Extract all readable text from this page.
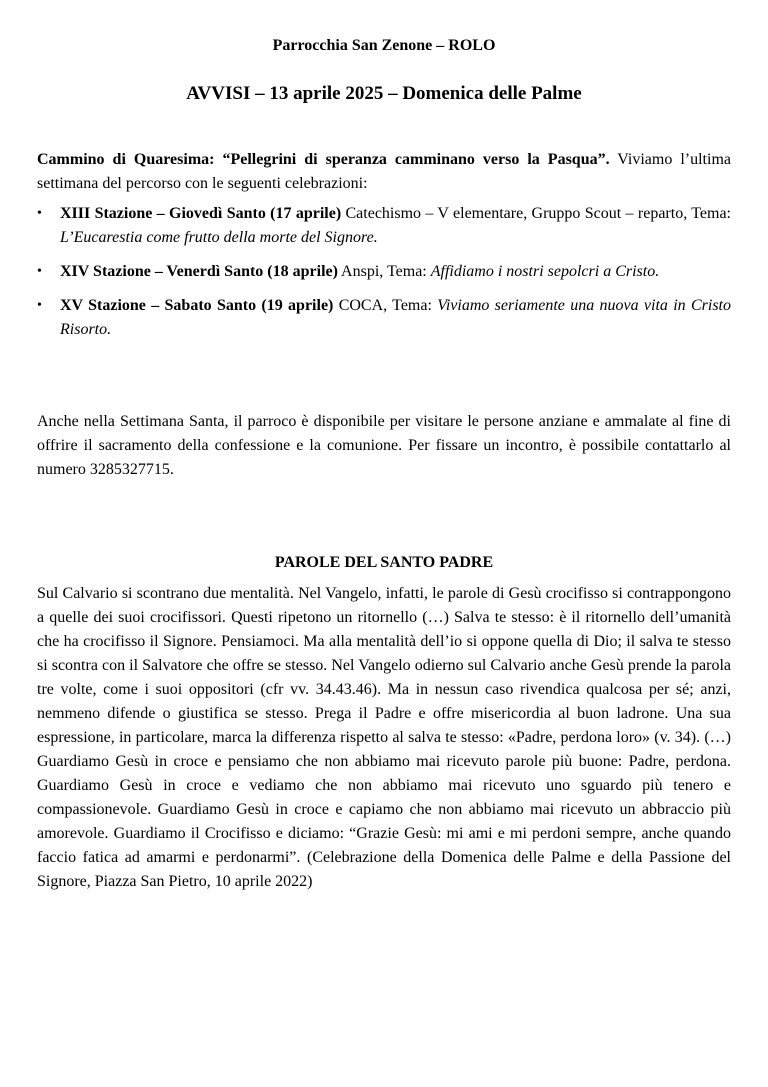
Parrocchia San Zenone – ROLO
AVVISI – 13 aprile 2025 – Domenica delle Palme

Cammino di Quaresima: “Pellegrini di speranza camminano verso la Pasqua”. Viviamo l’ultima settimana del percorso con le seguenti celebrazioni:

• XIII Stazione – Giovedì Santo (17 aprile) Catechismo – V elementare, Gruppo Scout – reparto, Tema: L’Eucarestia come frutto della morte del Signore.
• XIV Stazione – Venerdì Santo (18 aprile) Anspi, Tema: Affidiamo i nostri sepolcri a Cristo.
• XV Stazione – Sabato Santo (19 aprile) COCA, Tema: Viviamo seriamente una nuova vita in Cristo Risorto.

Anche nella Settimana Santa, il parroco è disponibile per visitare le persone anziane e ammalate al fine di offrire il sacramento della confessione e la comunione. Per fissare un incontro, è possibile contattarlo al numero 3285327715.

PAROLE DEL SANTO PADRE

Sul Calvario si scontrano due mentalità. Nel Vangelo, infatti, le parole di Gesù crocifisso si contrappongono a quelle dei suoi crocifissori. Questi ripetono un ritornello (…) Salva te stesso: è il ritornello dell’umanità che ha crocifisso il Signore. Pensiamoci. Ma alla mentalità dell’io si oppone quella di Dio; il salva te stesso si scontra con il Salvatore che offre se stesso. Nel Vangelo odierno sul Calvario anche Gesù prende la parola tre volte, come i suoi oppositori (cfr vv. 34.43.46). Ma in nessun caso rivendica qualcosa per sé; anzi, nemmeno difende o giustifica se stesso. Prega il Padre e offre misericordia al buon ladrone. Una sua espressione, in particolare, marca la differenza rispetto al salva te stesso: «Padre, perdona loro» (v. 34). (…) Guardiamo Gesù in croce e pensiamo che non abbiamo mai ricevuto parole più buone: Padre, perdona. Guardiamo Gesù in croce e vediamo che non abbiamo mai ricevuto uno sguardo più tenero e compassionevole. Guardiamo Gesù in croce e capiamo che non abbiamo mai ricevuto un abbraccio più amorevole. Guardiamo il Crocifisso e diciamo: “Grazie Gesù: mi ami e mi perdoni sempre, anche quando faccio fatica ad amarmi e perdonarmi”. (Celebrazione della Domenica delle Palme e della Passione del Signore, Piazza San Pietro, 10 aprile 2022)
